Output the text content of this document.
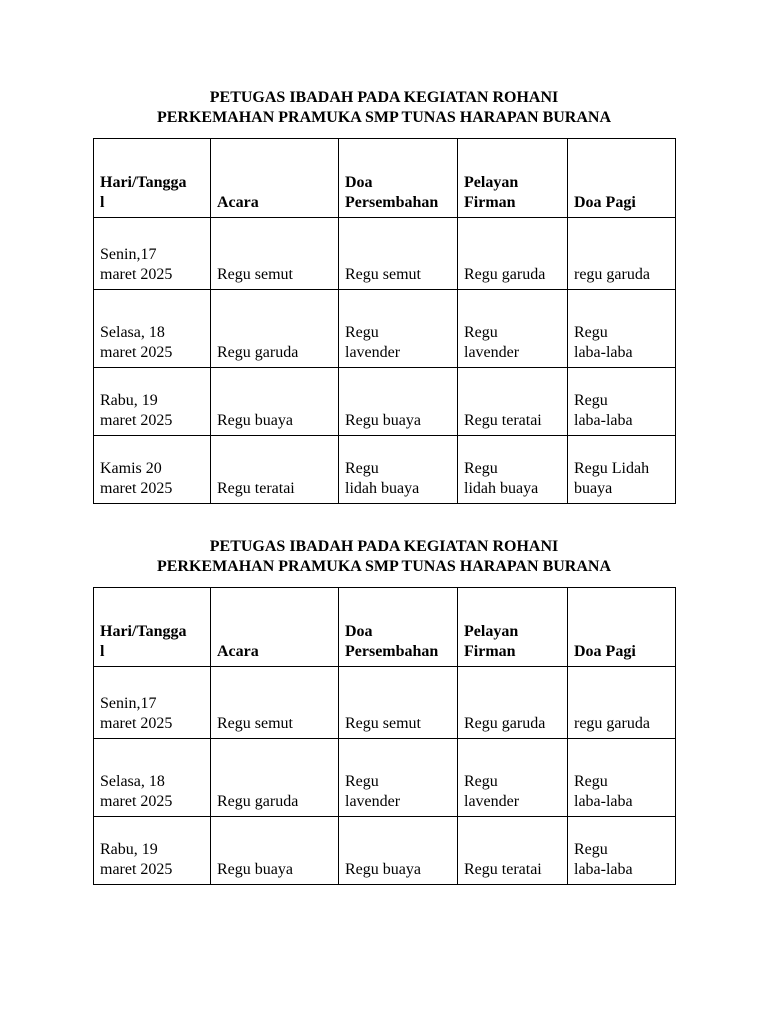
PETUGAS IBADAH PADA KEGIATAN ROHANI
PERKEMAHAN PRAMUKA SMP TUNAS HARAPAN BURANA

Hari/Tangga
l	Acara	Doa
Persembahan	Pelayan
Firman	Doa Pagi
Senin,17
maret 2025	Regu semut	Regu semut	Regu garuda	regu garuda
Selasa, 18
maret 2025	Regu garuda	Regu
lavender	Regu
lavender	Regu
laba-laba
Rabu, 19
maret 2025	Regu buaya	Regu buaya	Regu teratai	Regu
laba-laba
Kamis 20
maret 2025	Regu teratai	Regu
lidah buaya	Regu
lidah buaya	Regu Lidah
buaya

PETUGAS IBADAH PADA KEGIATAN ROHANI
PERKEMAHAN PRAMUKA SMP TUNAS HARAPAN BURANA

Hari/Tangga
l	Acara	Doa
Persembahan	Pelayan
Firman	Doa Pagi
Senin,17
maret 2025	Regu semut	Regu semut	Regu garuda	regu garuda
Selasa, 18
maret 2025	Regu garuda	Regu
lavender	Regu
lavender	Regu
laba-laba
Rabu, 19
maret 2025	Regu buaya	Regu buaya	Regu teratai	Regu
laba-laba
